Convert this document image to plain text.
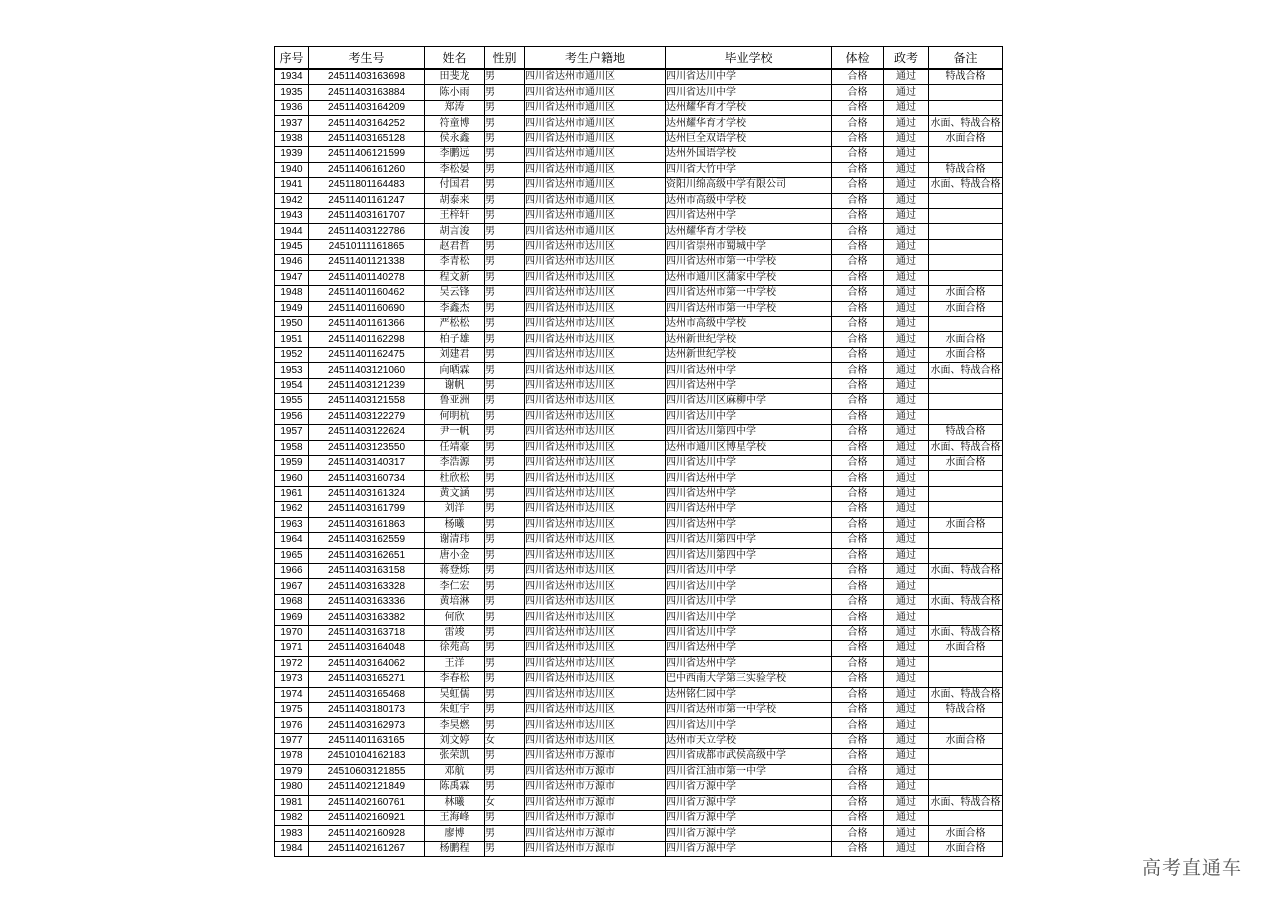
序号	考生号	姓名	性别	考生户籍地	毕业学校	体检	政考	备注
1934	24511403163698	田斐龙	男	四川省达州市通川区	四川省达川中学	合格	通过	特战合格
1935	24511403163884	陈小雨	男	四川省达州市通川区	四川省达川中学	合格	通过	
1936	24511403164209	郑涛	男	四川省达州市通川区	达州耀华育才学校	合格	通过	
1937	24511403164252	符童博	男	四川省达州市通川区	达州耀华育才学校	合格	通过	水面、特战合格
1938	24511403165128	侯永鑫	男	四川省达州市通川区	达州巨全双语学校	合格	通过	水面合格
1939	24511406121599	李鹏远	男	四川省达州市通川区	达州外国语学校	合格	通过	
1940	24511406161260	李松晏	男	四川省达州市通川区	四川省大竹中学	合格	通过	特战合格
1941	24511801164483	付国君	男	四川省达州市通川区	资阳川绵高级中学有限公司	合格	通过	水面、特战合格
1942	24511401161247	胡泰来	男	四川省达州市通川区	达州市高级中学校	合格	通过	
1943	24511403161707	王梓轩	男	四川省达州市通川区	四川省达州中学	合格	通过	
1944	24511403122786	胡言浚	男	四川省达州市通川区	达州耀华育才学校	合格	通过	
1945	24510111161865	赵君哲	男	四川省达州市达川区	四川省崇州市蜀城中学	合格	通过	
1946	24511401121338	李青松	男	四川省达州市达川区	四川省达州市第一中学校	合格	通过	
1947	24511401140278	程文新	男	四川省达州市达川区	达州市通川区蒲家中学校	合格	通过	
1948	24511401160462	吴云锋	男	四川省达州市达川区	四川省达州市第一中学校	合格	通过	水面合格
1949	24511401160690	李鑫杰	男	四川省达州市达川区	四川省达州市第一中学校	合格	通过	水面合格
1950	24511401161366	严松松	男	四川省达州市达川区	达州市高级中学校	合格	通过	
1951	24511401162298	柏子雄	男	四川省达州市达川区	达州新世纪学校	合格	通过	水面合格
1952	24511401162475	刘建君	男	四川省达州市达川区	达州新世纪学校	合格	通过	水面合格
1953	24511403121060	向晒霖	男	四川省达州市达川区	四川省达州中学	合格	通过	水面、特战合格
1954	24511403121239	谢帆	男	四川省达州市达川区	四川省达州中学	合格	通过	
1955	24511403121558	鲁亚洲	男	四川省达州市达川区	四川省达川区麻柳中学	合格	通过	
1956	24511403122279	何明杭	男	四川省达州市达川区	四川省达川中学	合格	通过	
1957	24511403122624	尹一帆	男	四川省达州市达川区	四川省达川第四中学	合格	通过	特战合格
1958	24511403123550	任靖豪	男	四川省达州市达川区	达州市通川区博星学校	合格	通过	水面、特战合格
1959	24511403140317	李浩源	男	四川省达州市达川区	四川省达川中学	合格	通过	水面合格
1960	24511403160734	杜欣松	男	四川省达州市达川区	四川省达州中学	合格	通过	
1961	24511403161324	黄文涵	男	四川省达州市达川区	四川省达州中学	合格	通过	
1962	24511403161799	刘洋	男	四川省达州市达川区	四川省达州中学	合格	通过	
1963	24511403161863	杨曦	男	四川省达州市达川区	四川省达州中学	合格	通过	水面合格
1964	24511403162559	谢清玮	男	四川省达州市达川区	四川省达川第四中学	合格	通过	
1965	24511403162651	唐小金	男	四川省达州市达川区	四川省达川第四中学	合格	通过	
1966	24511403163158	蒋登烁	男	四川省达州市达川区	四川省达川中学	合格	通过	水面、特战合格
1967	24511403163328	李仁宏	男	四川省达州市达川区	四川省达川中学	合格	通过	
1968	24511403163336	黄培淋	男	四川省达州市达川区	四川省达川中学	合格	通过	水面、特战合格
1969	24511403163382	何欣	男	四川省达州市达川区	四川省达川中学	合格	通过	
1970	24511403163718	雷竣	男	四川省达州市达川区	四川省达川中学	合格	通过	水面、特战合格
1971	24511403164048	徐苑高	男	四川省达州市达川区	四川省达州中学	合格	通过	水面合格
1972	24511403164062	王洋	男	四川省达州市达川区	四川省达州中学	合格	通过	
1973	24511403165271	李春松	男	四川省达州市达川区	巴中西南大学第三实验学校	合格	通过	
1974	24511403165468	吴虹儒	男	四川省达州市达川区	达州铭仁园中学	合格	通过	水面、特战合格
1975	24511403180173	朱虹宇	男	四川省达州市达川区	四川省达州市第一中学校	合格	通过	特战合格
1976	24511403162973	李昊燃	男	四川省达州市达川区	四川省达川中学	合格	通过	
1977	24511401163165	刘文婷	女	四川省达州市达川区	达州市天立学校	合格	通过	水面合格
1978	24510104162183	张荣凯	男	四川省达州市万源市	四川省成都市武侯高级中学	合格	通过	
1979	24510603121855	邓航	男	四川省达州市万源市	四川省江油市第一中学	合格	通过	
1980	24511402121849	陈禹霖	男	四川省达州市万源市	四川省万源中学	合格	通过	
1981	24511402160761	林曦	女	四川省达州市万源市	四川省万源中学	合格	通过	水面、特战合格
1982	24511402160921	王海峰	男	四川省达州市万源市	四川省万源中学	合格	通过	
1983	24511402160928	廖博	男	四川省达州市万源市	四川省万源中学	合格	通过	水面合格
1984	24511402161267	杨鹏程	男	四川省达州市万源市	四川省万源中学	合格	通过	水面合格
高考直通车
